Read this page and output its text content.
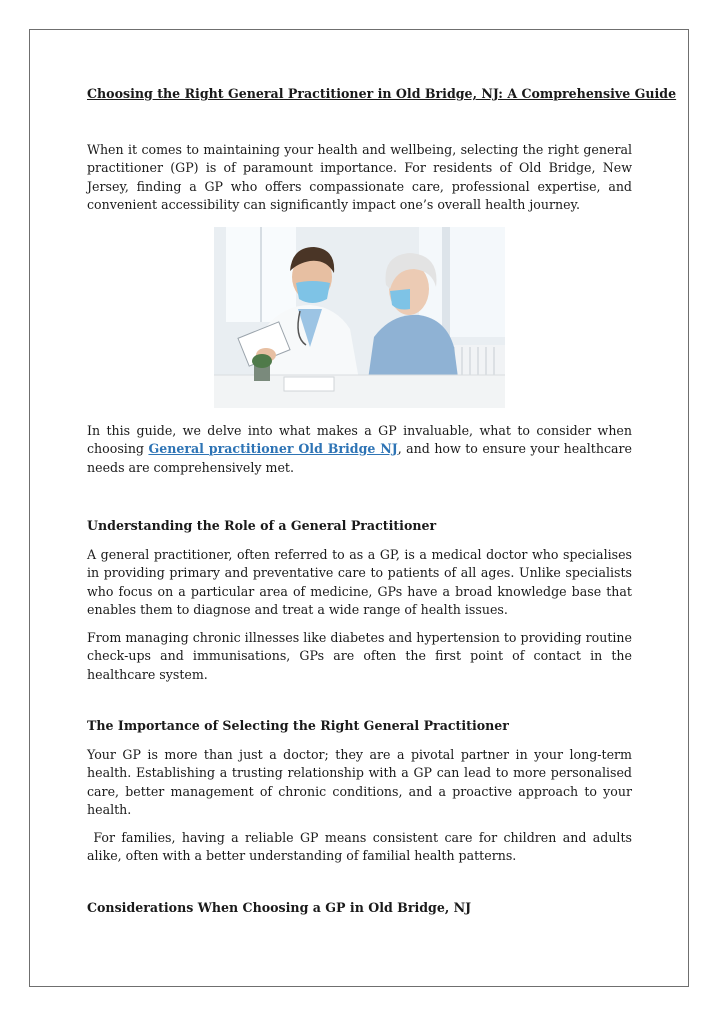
Choosing the Right General Practitioner in Old Bridge, NJ: A Comprehensive Guide

When it comes to maintaining your health and wellbeing, selecting the right general practitioner (GP) is of paramount importance. For residents of Old Bridge, New Jersey, finding a GP who offers compassionate care, professional expertise, and convenient accessibility can significantly impact one’s overall health journey.

In this guide, we delve into what makes a GP invaluable, what to consider when choosing General practitioner Old Bridge NJ, and how to ensure your healthcare needs are comprehensively met.

Understanding the Role of a General Practitioner

A general practitioner, often referred to as a GP, is a medical doctor who specialises in providing primary and preventative care to patients of all ages. Unlike specialists who focus on a particular area of medicine, GPs have a broad knowledge base that enables them to diagnose and treat a wide range of health issues.

From managing chronic illnesses like diabetes and hypertension to providing routine check-ups and immunisations, GPs are often the first point of contact in the healthcare system.

The Importance of Selecting the Right General Practitioner

Your GP is more than just a doctor; they are a pivotal partner in your long-term health. Establishing a trusting relationship with a GP can lead to more personalised care, better management of chronic conditions, and a proactive approach to your health.

For families, having a reliable GP means consistent care for children and adults alike, often with a better understanding of familial health patterns.

Considerations When Choosing a GP in Old Bridge, NJ
